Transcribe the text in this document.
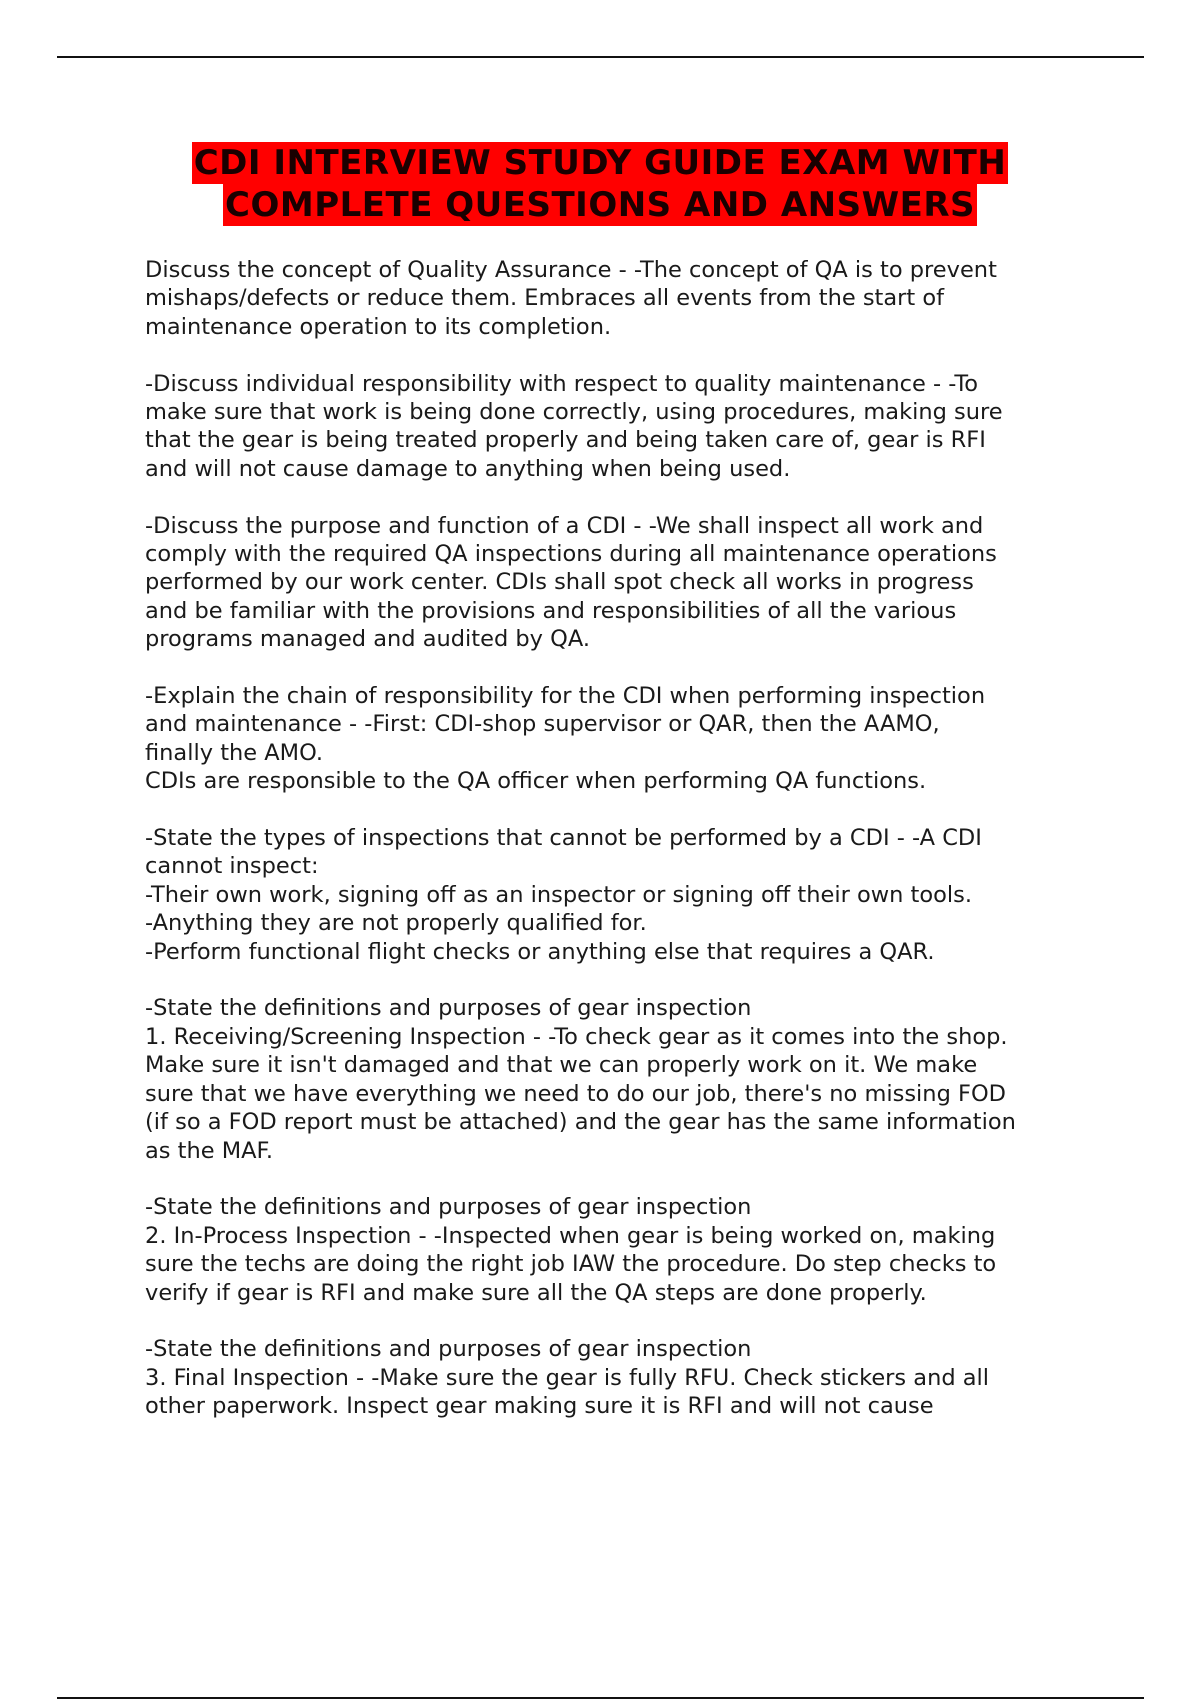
CDI INTERVIEW STUDY GUIDE EXAM WITH
COMPLETE QUESTIONS AND ANSWERS
Discuss the concept of Quality Assurance - -The concept of QA is to prevent
mishaps/defects or reduce them. Embraces all events from the start of
maintenance operation to its completion.
-Discuss individual responsibility with respect to quality maintenance - -To
make sure that work is being done correctly, using procedures, making sure
that the gear is being treated properly and being taken care of, gear is RFI
and will not cause damage to anything when being used.
-Discuss the purpose and function of a CDI - -We shall inspect all work and
comply with the required QA inspections during all maintenance operations
performed by our work center. CDIs shall spot check all works in progress
and be familiar with the provisions and responsibilities of all the various
programs managed and audited by QA.
-Explain the chain of responsibility for the CDI when performing inspection
and maintenance - -First: CDI-shop supervisor or QAR, then the AAMO,
finally the AMO.
CDIs are responsible to the QA officer when performing QA functions.
-State the types of inspections that cannot be performed by a CDI - -A CDI
cannot inspect:
-Their own work, signing off as an inspector or signing off their own tools.
-Anything they are not properly qualified for.
-Perform functional flight checks or anything else that requires a QAR.
-State the definitions and purposes of gear inspection
1. Receiving/Screening Inspection - -To check gear as it comes into the shop.
Make sure it isn't damaged and that we can properly work on it. We make
sure that we have everything we need to do our job, there's no missing FOD
(if so a FOD report must be attached) and the gear has the same information
as the MAF.
-State the definitions and purposes of gear inspection
2. In-Process Inspection - -Inspected when gear is being worked on, making
sure the techs are doing the right job IAW the procedure. Do step checks to
verify if gear is RFI and make sure all the QA steps are done properly.
-State the definitions and purposes of gear inspection
3. Final Inspection - -Make sure the gear is fully RFU. Check stickers and all
other paperwork. Inspect gear making sure it is RFI and will not cause
